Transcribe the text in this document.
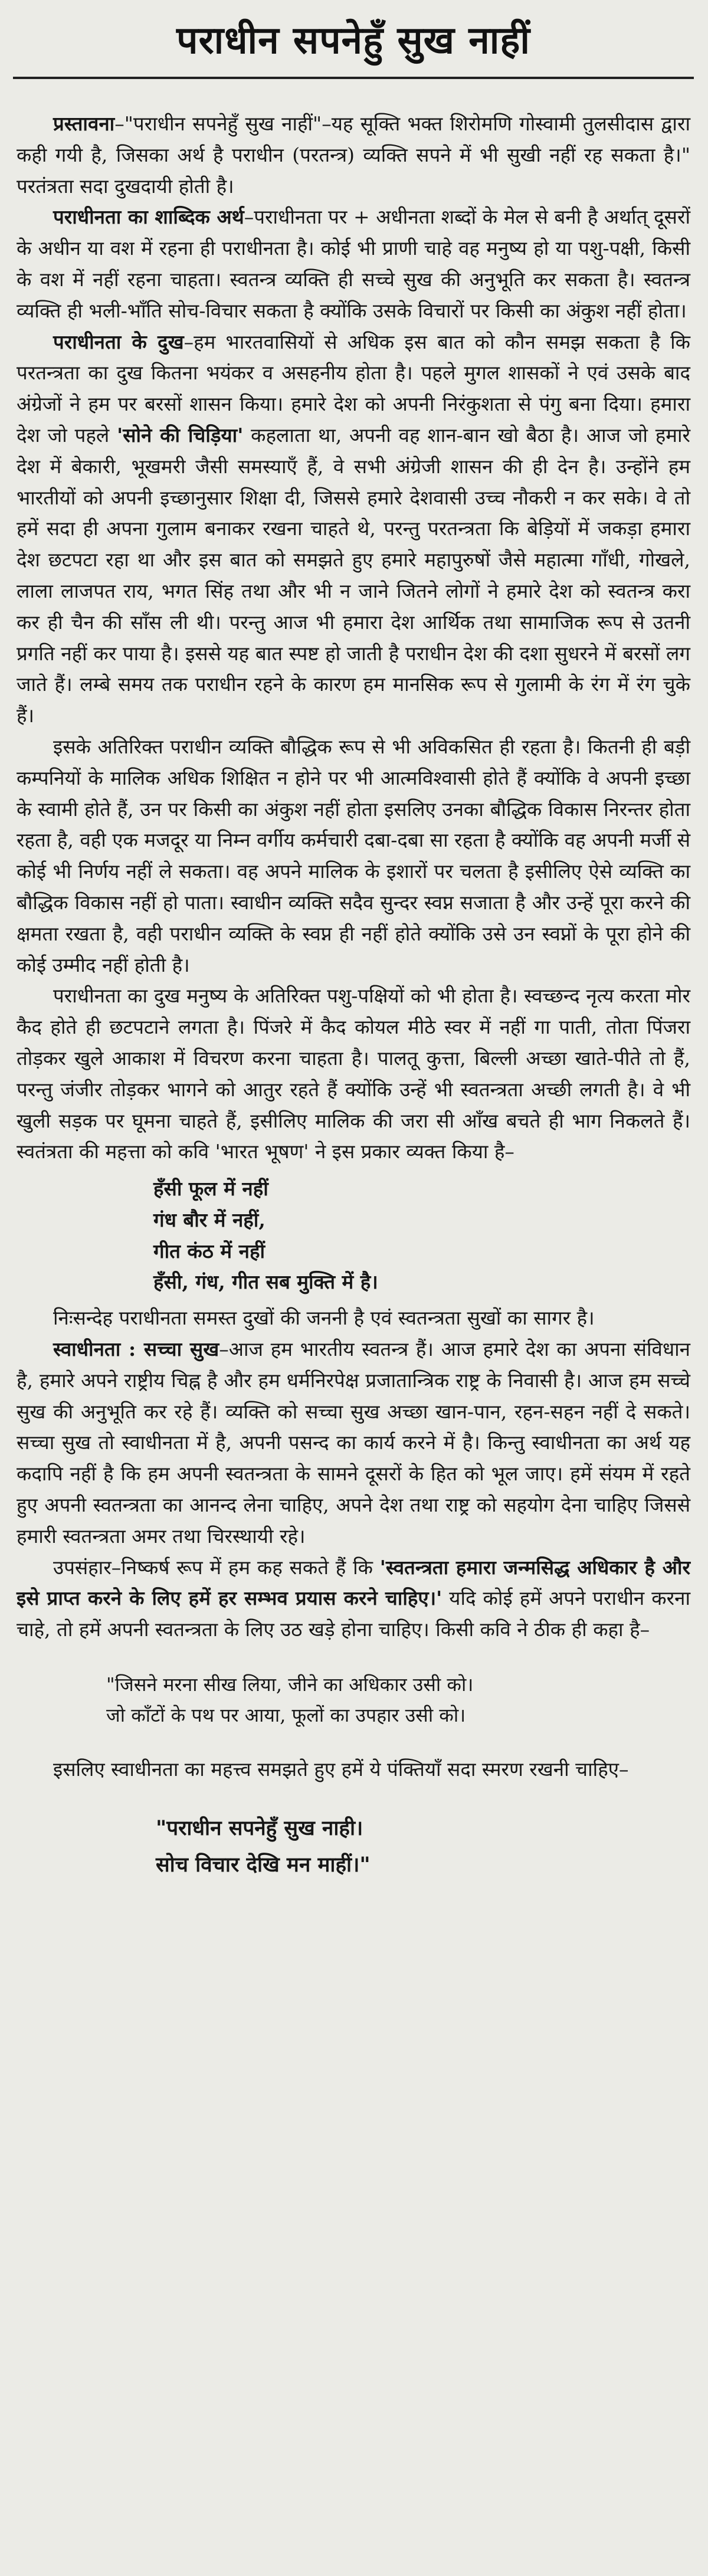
पराधीन सपनेहुँ सुख नाहीं

प्रस्तावना–"पराधीन सपनेहुँ सुख नाहीं"–यह सूक्ति भक्त शिरोमणि गोस्वामी तुलसीदास द्वारा कही गयी है, जिसका अर्थ है पराधीन (परतन्त्र) व्यक्ति सपने में भी सुखी नहीं रह सकता है।" परतंत्रता सदा दुखदायी होती है।

पराधीनता का शाब्दिक अर्थ–पराधीनता पर + अधीनता शब्दों के मेल से बनी है अर्थात् दूसरों के अधीन या वश में रहना ही पराधीनता है। कोई भी प्राणी चाहे वह मनुष्य हो या पशु-पक्षी, किसी के वश में नहीं रहना चाहता। स्वतन्त्र व्यक्ति ही सच्चे सुख की अनुभूति कर सकता है। स्वतन्त्र व्यक्ति ही भली-भाँति सोच-विचार सकता है क्योंकि उसके विचारों पर किसी का अंकुश नहीं होता।

पराधीनता के दुख–हम भारतवासियों से अधिक इस बात को कौन समझ सकता है कि परतन्त्रता का दुख कितना भयंकर व असहनीय होता है। पहले मुगल शासकों ने एवं उसके बाद अंग्रेजों ने हम पर बरसों शासन किया। हमारे देश को अपनी निरंकुशता से पंगु बना दिया। हमारा देश जो पहले 'सोने की चिड़िया' कहलाता था, अपनी वह शान-बान खो बैठा है। आज जो हमारे देश में बेकारी, भूखमरी जैसी समस्याएँ हैं, वे सभी अंग्रेजी शासन की ही देन है। उन्होंने हम भारतीयों को अपनी इच्छानुसार शिक्षा दी, जिससे हमारे देशवासी उच्च नौकरी न कर सके। वे तो हमें सदा ही अपना गुलाम बनाकर रखना चाहते थे, परन्तु परतन्त्रता कि बेड़ियों में जकड़ा हमारा देश छटपटा रहा था और इस बात को समझते हुए हमारे महापुरुषों जैसे महात्मा गाँधी, गोखले, लाला लाजपत राय, भगत सिंह तथा और भी न जाने जितने लोगों ने हमारे देश को स्वतन्त्र करा कर ही चैन की साँस ली थी। परन्तु आज भी हमारा देश आर्थिक तथा सामाजिक रूप से उतनी प्रगति नहीं कर पाया है। इससे यह बात स्पष्ट हो जाती है पराधीन देश की दशा सुधरने में बरसों लग जाते हैं। लम्बे समय तक पराधीन रहने के कारण हम मानसिक रूप से गुलामी के रंग में रंग चुके हैं।

इसके अतिरिक्त पराधीन व्यक्ति बौद्धिक रूप से भी अविकसित ही रहता है। कितनी ही बड़ी कम्पनियों के मालिक अधिक शिक्षित न होने पर भी आत्मविश्वासी होते हैं क्योंकि वे अपनी इच्छा के स्वामी होते हैं, उन पर किसी का अंकुश नहीं होता इसलिए उनका बौद्धिक विकास निरन्तर होता रहता है, वही एक मजदूर या निम्न वर्गीय कर्मचारी दबा-दबा सा रहता है क्योंकि वह अपनी मर्जी से कोई भी निर्णय नहीं ले सकता। वह अपने मालिक के इशारों पर चलता है इसीलिए ऐसे व्यक्ति का बौद्धिक विकास नहीं हो पाता। स्वाधीन व्यक्ति सदैव सुन्दर स्वप्न सजाता है और उन्हें पूरा करने की क्षमता रखता है, वही पराधीन व्यक्ति के स्वप्न ही नहीं होते क्योंकि उसे उन स्वप्नों के पूरा होने की कोई उम्मीद नहीं होती है।

पराधीनता का दुख मनुष्य के अतिरिक्त पशु-पक्षियों को भी होता है। स्वच्छन्द नृत्य करता मोर कैद होते ही छटपटाने लगता है। पिंजरे में कैद कोयल मीठे स्वर में नहीं गा पाती, तोता पिंजरा तोड़कर खुले आकाश में विचरण करना चाहता है। पालतू कुत्ता, बिल्ली अच्छा खाते-पीते तो हैं, परन्तु जंजीर तोड़कर भागने को आतुर रहते हैं क्योंकि उन्हें भी स्वतन्त्रता अच्छी लगती है। वे भी खुली सड़क पर घूमना चाहते हैं, इसीलिए मालिक की जरा सी आँख बचते ही भाग निकलते हैं। स्वतंत्रता की महत्ता को कवि 'भारत भूषण' ने इस प्रकार व्यक्त किया है–

हँसी फूल में नहीं
गंध बौर में नहीं,
गीत कंठ में नहीं
हँसी, गंध, गीत सब मुक्ति में है।

निःसन्देह पराधीनता समस्त दुखों की जननी है एवं स्वतन्त्रता सुखों का सागर है।

स्वाधीनता : सच्चा सुख–आज हम भारतीय स्वतन्त्र हैं। आज हमारे देश का अपना संविधान है, हमारे अपने राष्ट्रीय चिह्न है और हम धर्मनिरपेक्ष प्रजातान्त्रिक राष्ट्र के निवासी है। आज हम सच्चे सुख की अनुभूति कर रहे हैं। व्यक्ति को सच्चा सुख अच्छा खान-पान, रहन-सहन नहीं दे सकते। सच्चा सुख तो स्वाधीनता में है, अपनी पसन्द का कार्य करने में है। किन्तु स्वाधीनता का अर्थ यह कदापि नहीं है कि हम अपनी स्वतन्त्रता के सामने दूसरों के हित को भूल जाए। हमें संयम में रहते हुए अपनी स्वतन्त्रता का आनन्द लेना चाहिए, अपने देश तथा राष्ट्र को सहयोग देना चाहिए जिससे हमारी स्वतन्त्रता अमर तथा चिरस्थायी रहे।

उपसंहार–निष्कर्ष रूप में हम कह सकते हैं कि 'स्वतन्त्रता हमारा जन्मसिद्ध अधिकार है और इसे प्राप्त करने के लिए हमें हर सम्भव प्रयास करने चाहिए।' यदि कोई हमें अपने पराधीन करना चाहे, तो हमें अपनी स्वतन्त्रता के लिए उठ खड़े होना चाहिए। किसी कवि ने ठीक ही कहा है–

"जिसने मरना सीख लिया, जीने का अधिकार उसी को।
जो काँटों के पथ पर आया, फूलों का उपहार उसी को।

इसलिए स्वाधीनता का महत्त्व समझते हुए हमें ये पंक्तियाँ सदा स्मरण रखनी चाहिए–

"पराधीन सपनेहुँ सुख नाही।
सोच विचार देखि मन माहीं।"
